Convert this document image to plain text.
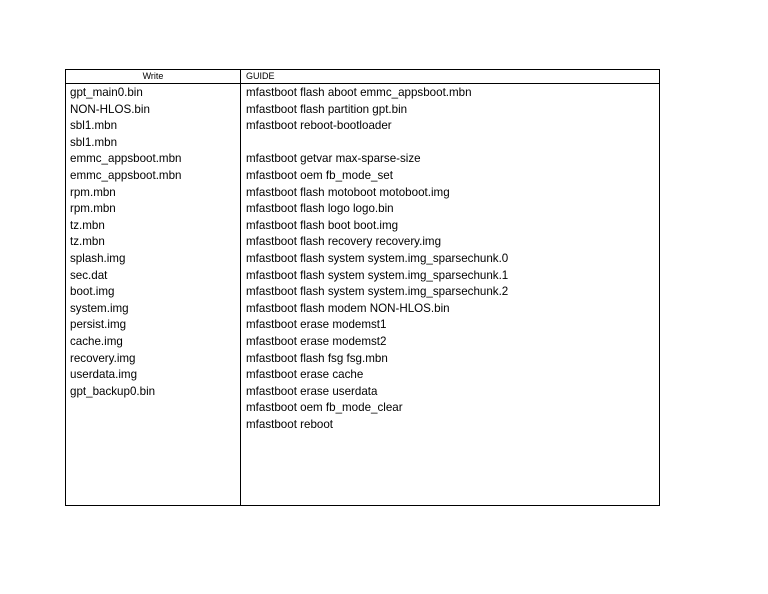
Write	GUIDE
gpt_main0.bin
NON-HLOS.bin
sbl1.mbn
sbl1.mbn
emmc_appsboot.mbn
emmc_appsboot.mbn
rpm.mbn
rpm.mbn
tz.mbn
tz.mbn
splash.img
sec.dat
boot.img
system.img
persist.img
cache.img
recovery.img
userdata.img
gpt_backup0.bin
mfastboot flash aboot emmc_appsboot.mbn
mfastboot flash partition gpt.bin
mfastboot reboot-bootloader
mfastboot getvar max-sparse-size
mfastboot oem fb_mode_set
mfastboot flash motoboot motoboot.img
mfastboot flash logo logo.bin
mfastboot flash boot boot.img
mfastboot flash recovery recovery.img
mfastboot flash system system.img_sparsechunk.0
mfastboot flash system system.img_sparsechunk.1
mfastboot flash system system.img_sparsechunk.2
mfastboot flash modem NON-HLOS.bin
mfastboot erase modemst1
mfastboot erase modemst2
mfastboot flash fsg fsg.mbn
mfastboot erase cache
mfastboot erase userdata
mfastboot oem fb_mode_clear
mfastboot reboot
